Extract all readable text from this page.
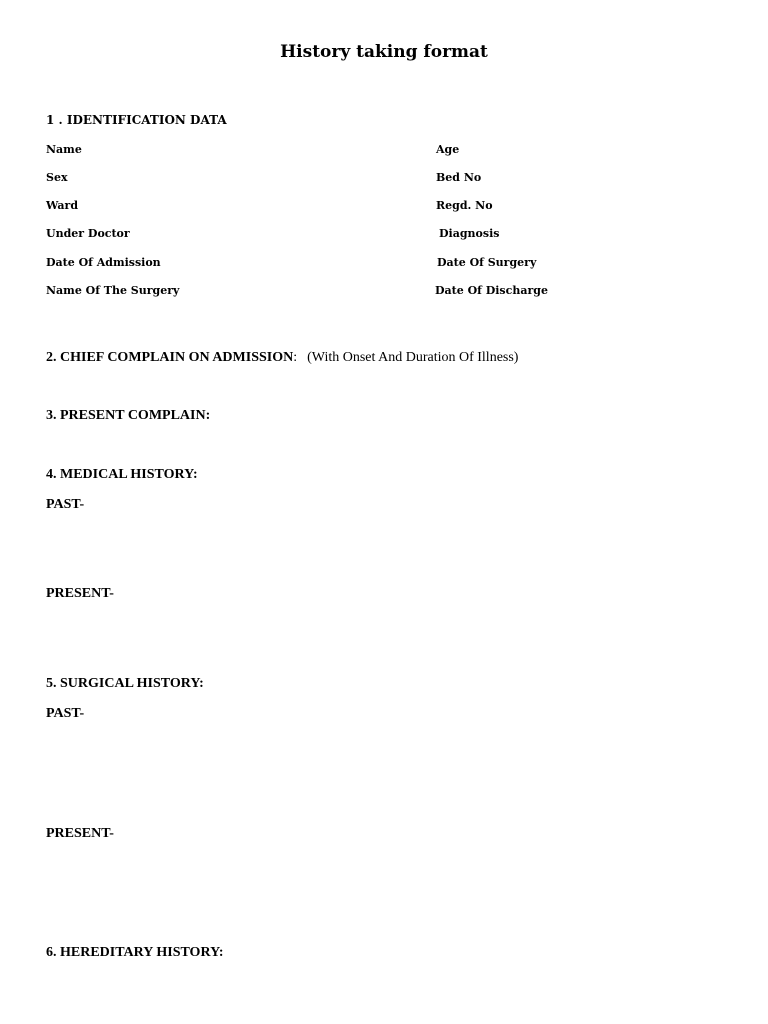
History taking format
1 . IDENTIFICATION DATA
Name	Age
Sex	Bed No
Ward	Regd. No
Under Doctor	Diagnosis
Date Of Admission	Date Of Surgery
Name Of The Surgery	Date Of Discharge
2. CHIEF COMPLAIN ON ADMISSION: (With Onset And Duration Of Illness)
3. PRESENT COMPLAIN:
4. MEDICAL HISTORY:
PAST-
PRESENT-
5. SURGICAL HISTORY:
PAST-
PRESENT-
6. HEREDITARY HISTORY:
